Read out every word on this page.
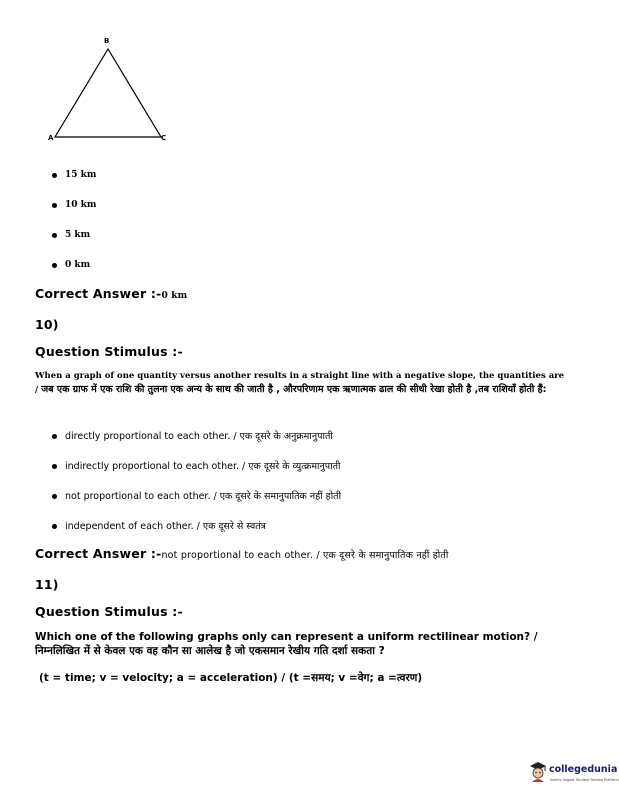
B
A	C
15 km
10 km
5 km
0 km
Correct Answer :-0 km
10)
Question Stimulus :-
When a graph of one quantity versus another results in a straight line with a negative slope, the quantities are / जब एक ग्राफ में एक राशि की तुलना एक अन्य के साथ की जाती है , औरपरिणाम एक ऋणात्मक ढाल की सीधी रेखा होती है ,तब राशियाँ होती हैं:
directly proportional to each other. / एक दूसरे के अनुक्रमानुपाती
indirectly proportional to each other. / एक दूसरे के व्युत्क्रमानुपाती
not proportional to each other. / एक दूसरे के समानुपातिक नहीं होती
independent of each other. / एक दूसरे से स्वतंत्र
Correct Answer :-not proportional to each other. / एक दूसरे के समानुपातिक नहीं होती
11)
Question Stimulus :-
Which one of the following graphs only can represent a uniform rectilinear motion? /
निम्नलिखित में से केवल एक वह कौन सा आलेख है जो एकसमान रेखीय गति दर्शा सकता ?
(t = time; v = velocity; a = acceleration) / (t =समय; v =वेग; a =त्वरण)
collegedunia
India's largest Student Review Platform
